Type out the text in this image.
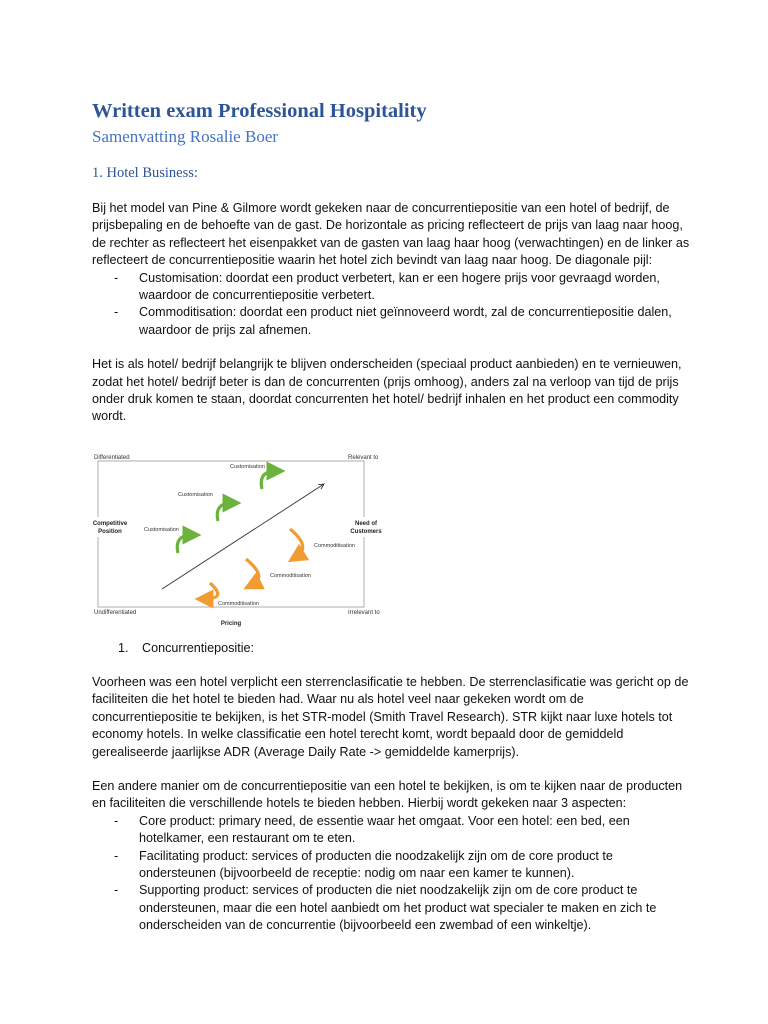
Written exam Professional Hospitality
Samenvatting Rosalie Boer
1. Hotel Business:

Bij het model van Pine & Gilmore wordt gekeken naar de concurrentiepositie van een hotel of bedrijf, de prijsbepaling en de behoefte van de gast. De horizontale as pricing reflecteert de prijs van laag naar hoog, de rechter as reflecteert het eisenpakket van de gasten van laag haar hoog (verwachtingen) en de linker as reflecteert de concurrentiepositie waarin het hotel zich bevindt van laag naar hoog. De diagonale pijl:

- Customisation: doordat een product verbetert, kan er een hogere prijs voor gevraagd worden, waardoor de concurrentiepositie verbetert.
- Commoditisation: doordat een product niet geïnnoveerd wordt, zal de concurrentiepositie dalen, waardoor de prijs zal afnemen.

Het is als hotel/ bedrijf belangrijk te blijven onderscheiden (speciaal product aanbieden) en te vernieuwen, zodat het hotel/ bedrijf beter is dan de concurrenten (prijs omhoog), anders zal na verloop van tijd de prijs onder druk komen te staan, doordat concurrenten het hotel/ bedrijf inhalen en het product een commodity wordt.

Differentiated	Relevant to
Undifferentiated	Irrelevant to
Competitive
Position
Need of
Customers
Pricing
Customisation
Customisation
Customisation
Commoditisation
Commoditisation
Commoditisation
1. Concurrentiepositie:

Voorheen was een hotel verplicht een sterrenclasificatie te hebben. De sterrenclasificatie was gericht op de faciliteiten die het hotel te bieden had. Waar nu als hotel veel naar gekeken wordt om de concurrentiepositie te bekijken, is het STR-model (Smith Travel Research). STR kijkt naar luxe hotels tot economy hotels. In welke classificatie een hotel terecht komt, wordt bepaald door de gemiddeld gerealiseerde jaarlijkse ADR (Average Daily Rate -> gemiddelde kamerprijs).

Een andere manier om de concurrentiepositie van een hotel te bekijken, is om te kijken naar de producten en faciliteiten die verschillende hotels te bieden hebben. Hierbij wordt gekeken naar 3 aspecten:

- Core product: primary need, de essentie waar het omgaat. Voor een hotel: een bed, een hotelkamer, een restaurant om te eten.
- Facilitating product: services of producten die noodzakelijk zijn om de core product te ondersteunen (bijvoorbeeld de receptie: nodig om naar een kamer te kunnen).
- Supporting product: services of producten die niet noodzakelijk zijn om de core product te ondersteunen, maar die een hotel aanbiedt om het product wat specialer te maken en zich te onderscheiden van de concurrentie (bijvoorbeeld een zwembad of een winkeltje).
